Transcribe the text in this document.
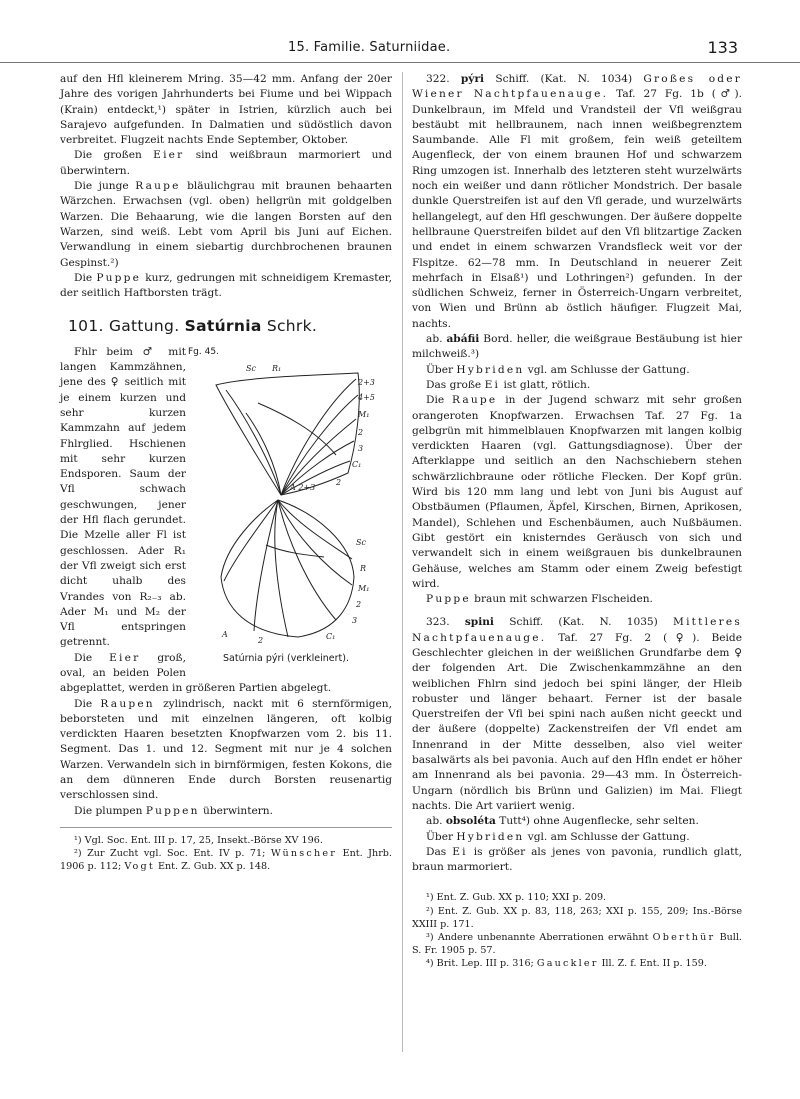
15. Familie. Saturniidae.	133

auf den Hfl kleinerem Mring. 35—42 mm. Anfang der 20er Jahre des vorigen Jahrhunderts bei Fiume und bei Wippach (Krain) entdeckt,¹) später in Istrien, kürzlich auch bei Sarajevo aufgefunden. In Dalmatien und südöstlich davon verbreitet. Flugzeit nachts Ende September, Oktober.

Die großen Eier sind weißbraun marmoriert und überwintern.

Die junge Raupe bläulichgrau mit braunen behaarten Wärzchen. Erwachsen (vgl. oben) hellgrün mit goldgelben Warzen. Die Behaarung, wie die langen Borsten auf den Warzen, sind weiß. Lebt vom April bis Juni auf Eichen. Verwandlung in einem siebartig durchbrochenen braunen Gespinst.²)

Die Puppe kurz, gedrungen mit schneidigem Kremaster, der seitlich Haftborsten trägt.

101. Gattung. Satúrnia Schrk.
Fg. 45.
Sc R₁
2+3
4+5
M₁
2
3
C₁
2
A 2+3
Sc
R
M₁
2
3
C₁
A
2
Satúrnia pýri (verkleinert).

Fhlr beim ♂ mit langen Kammzähnen, jene des ♀ seitlich mit je einem kurzen und sehr kurzen Kammzahn auf jedem Fhlrglied. Hschienen mit sehr kurzen Endsporen. Saum der Vfl schwach geschwungen, jener der Hfl flach gerundet. Die Mzelle aller Fl ist geschlossen. Ader R₁ der Vfl zweigt sich erst dicht uhalb des Vrandes von R₂₋₃ ab. Ader M₁ und M₂ der Vfl entspringen getrennt.

Die Eier groß, oval, an beiden Polen abgeplattet, werden in größeren Partien abgelegt.

Die Raupen zylindrisch, nackt mit 6 sternförmigen, beborsteten und mit einzelnen längeren, oft kolbig verdickten Haaren besetzten Knopfwarzen vom 2. bis 11. Segment. Das 1. und 12. Segment mit nur je 4 solchen Warzen. Verwandeln sich in birnförmigen, festen Kokons, die an dem dünneren Ende durch Borsten reusenartig verschlossen sind.

Die plumpen Puppen überwintern.

¹) Vgl. Soc. Ent. III p. 17, 25, Insekt.-Börse XV 196.
²) Zur Zucht vgl. Soc. Ent. IV p. 71; Wünscher Ent. Jhrb. 1906 p. 112; Vogt Ent. Z. Gub. XX p. 148.

322. pýri Schiff. (Kat. N. 1034) Großes oder Wiener Nachtpfauenauge. Taf. 27 Fg. 1b (♂). Dunkelbraun, im Mfeld und Vrandsteil der Vfl weißgrau bestäubt mit hellbraunem, nach innen weißbegrenztem Saumbande. Alle Fl mit großem, fein weiß geteiltem Augenfleck, der von einem braunen Hof und schwarzem Ring umzogen ist. Innerhalb des letzteren steht wurzelwärts noch ein weißer und dann rötlicher Mondstrich. Der basale dunkle Querstreifen ist auf den Vfl gerade, und wurzelwärts hellangelegt, auf den Hfl geschwungen. Der äußere doppelte hellbraune Querstreifen bildet auf den Vfl blitzartige Zacken und endet in einem schwarzen Vrandsfleck weit vor der Flspitze. 62—78 mm. In Deutschland in neuerer Zeit mehrfach in Elsaß¹) und Lothringen²) gefunden. In der südlichen Schweiz, ferner in Österreich-Ungarn verbreitet, von Wien und Brünn ab östlich häufiger. Flugzeit Mai, nachts.

ab. abáfii Bord. heller, die weißgraue Bestäubung ist hier milchweiß.³)

Über Hybriden vgl. am Schlusse der Gattung.

Das große Ei ist glatt, rötlich.

Die Raupe in der Jugend schwarz mit sehr großen orangeroten Knopfwarzen. Erwachsen Taf. 27 Fg. 1a gelbgrün mit himmelblauen Knopfwarzen mit langen kolbig verdickten Haaren (vgl. Gattungsdiagnose). Über der Afterklappe und seitlich an den Nachschiebern stehen schwärzlichbraune oder rötliche Flecken. Der Kopf grün. Wird bis 120 mm lang und lebt von Juni bis August auf Obstbäumen (Pflaumen, Äpfel, Kirschen, Birnen, Aprikosen, Mandel), Schlehen und Eschenbäumen, auch Nußbäumen. Gibt gestört ein knisterndes Geräusch von sich und verwandelt sich in einem weißgrauen bis dunkelbraunen Gehäuse, welches am Stamm oder einem Zweig befestigt wird.

Puppe braun mit schwarzen Flscheiden.

323. spini Schiff. (Kat. N. 1035) Mittleres Nachtpfauenauge. Taf. 27 Fg. 2 (♀). Beide Geschlechter gleichen in der weißlichen Grundfarbe dem ♀ der folgenden Art. Die Zwischenkammzähne an den weiblichen Fhlrn sind jedoch bei spini länger, der Hleib robuster und länger behaart. Ferner ist der basale Querstreifen der Vfl bei spini nach außen nicht geeckt und der äußere (doppelte) Zackenstreifen der Vfl endet am Innenrand in der Mitte desselben, also viel weiter basalwärts als bei pavonia. Auch auf den Hfln endet er höher am Innenrand als bei pavonia. 29—43 mm. In Österreich-Ungarn (nördlich bis Brünn und Galizien) im Mai. Fliegt nachts. Die Art variiert wenig.

ab. obsoléta Tutt⁴) ohne Augenflecke, sehr selten.

Über Hybriden vgl. am Schlusse der Gattung.

Das Ei is größer als jenes von pavonia, rundlich glatt, braun marmoriert.

¹) Ent. Z. Gub. XX p. 110; XXI p. 209.
²) Ent. Z. Gub. XX p. 83, 118, 263; XXI p. 155, 209; Ins.-Börse XXIII p. 171.
³) Andere unbenannte Aberrationen erwähnt Oberthür Bull. S. Fr. 1905 p. 57.
⁴) Brit. Lep. III p. 316; Gauckler Ill. Z. f. Ent. II p. 159.
